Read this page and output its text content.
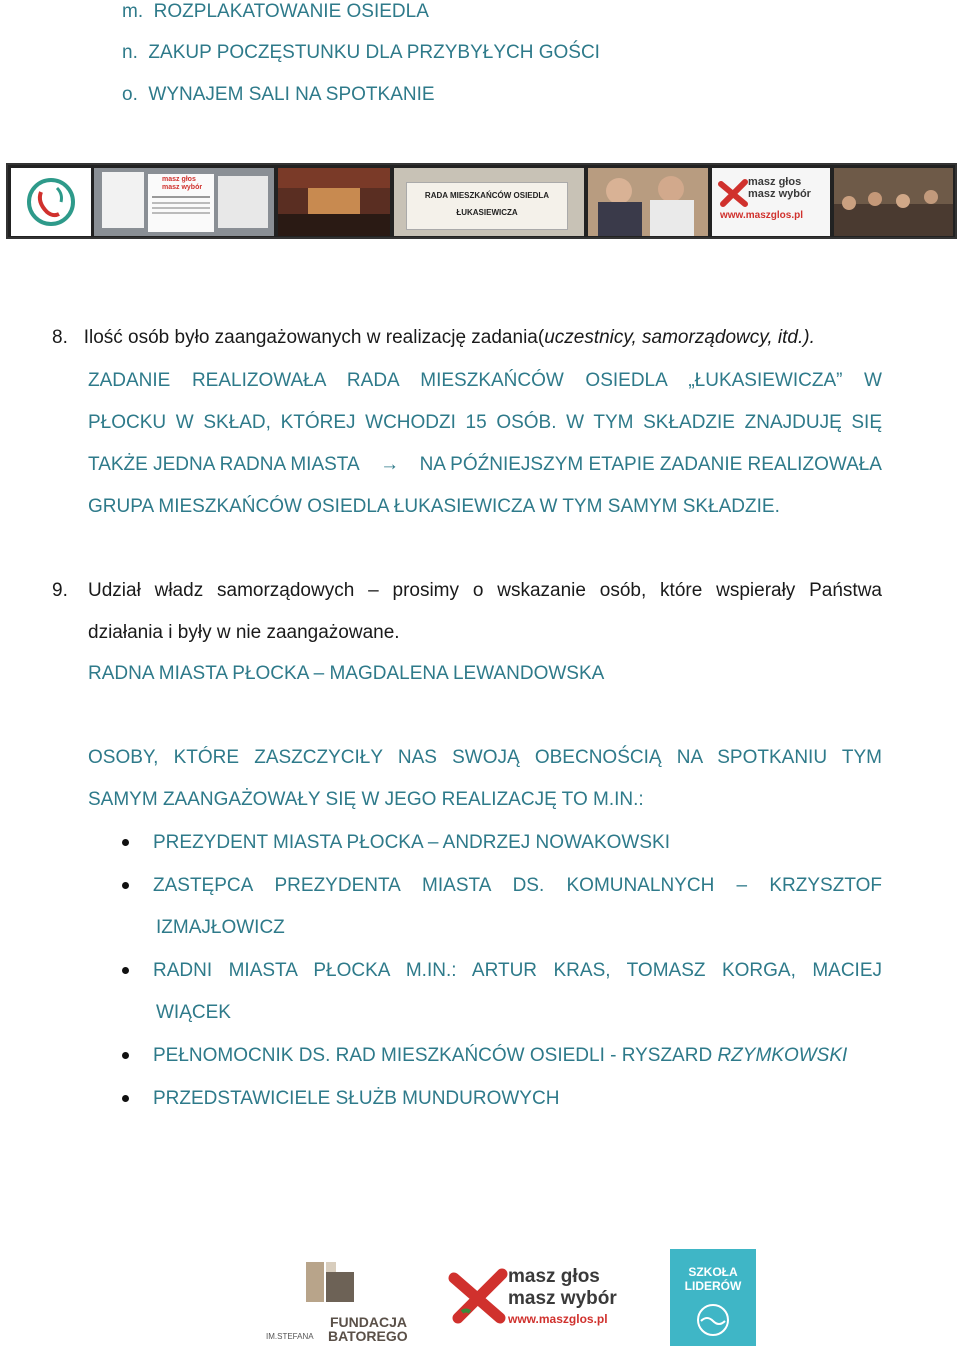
m. ROZPLAKATOWANIE OSIEDLA
n. ZAKUP POCZĘSTUNKU DLA PRZYBYŁYCH GOŚCI
o. WYNAJEM SALI NA SPOTKANIE
masz głos masz wybór
RADA MIESZKAŃCÓW OSIEDLA
ŁUKASIEWICZA
masz głos
masz wybór
www.maszglos.pl
8. Ilość osób było zaangażowanych w realizację zadania(uczestnicy, samorządowcy, itd.).
ZADANIE REALIZOWAŁA RADA MIESZKAŃCÓW OSIEDLA „ŁUKASIEWICZA” W
PŁOCKU W SKŁAD, KTÓREJ WCHODZI 15 OSÓB. W TYM SKŁADZIE ZNAJDUJĘ SIĘ
TAKŻE JEDNA RADNA MIASTA → NA PÓŹNIEJSZYM ETAPIE ZADANIE REALIZOWAŁA
GRUPA MIESZKAŃCÓW OSIEDLA ŁUKASIEWICZA W TYM SAMYM SKŁADZIE.
9.	Udział władz samorządowych – prosimy o wskazanie osób, które wspierały Państwa
działania i były w nie zaangażowane.
RADNA MIASTA PŁOCKA – MAGDALENA LEWANDOWSKA
OSOBY, KTÓRE ZASZCZYCIŁY NAS SWOJĄ OBECNOŚCIĄ NA SPOTKANIU TYM
SAMYM ZAANGAŻOWAŁY SIĘ W JEGO REALIZACJĘ TO M.IN.:
PREZYDENT MIASTA PŁOCKA – ANDRZEJ NOWAKOWSKI
ZASTĘPCA PREZYDENTA MIASTA DS. KOMUNALNYCH – KRZYSZTOF
IZMAJŁOWICZ
RADNI MIASTA PŁOCKA M.IN.: ARTUR KRAS, TOMASZ KORGA, MACIEJ
WIĄCEK
PEŁNOMOCNIK DS. RAD MIESZKAŃCÓW OSIEDLI - RYSZARD RZYMKOWSKI
PRZEDSTAWICIELE SŁUŻB MUNDUROWYCH
IM.STEFANA
FUNDACJA
BATOREGO
masz głos
masz wybór
www.maszglos.pl
SZKOŁA
LIDERÓW
